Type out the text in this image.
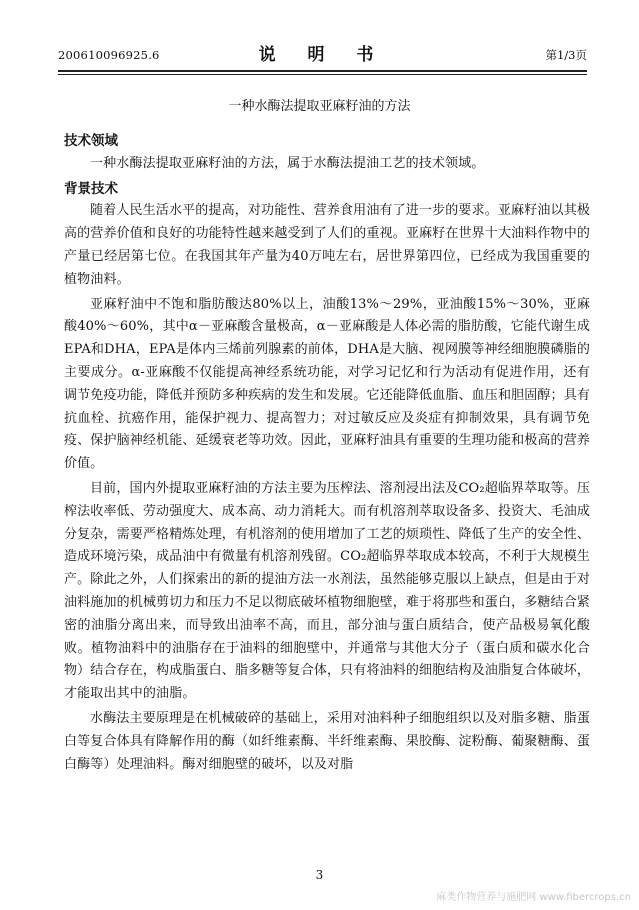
200610096925.6	说 明 书	第1/3页
一种水酶法提取亚麻籽油的方法
技术领域

一种水酶法提取亚麻籽油的方法，属于水酶法提油工艺的技术领域。

背景技术

随着人民生活水平的提高，对功能性、营养食用油有了进一步的要求。亚麻籽油以其极高的营养价值和良好的功能特性越来越受到了人们的重视。亚麻籽在世界十大油料作物中的产量已经居第七位。在我国其年产量为40万吨左右，居世界第四位，已经成为我国重要的植物油料。

亚麻籽油中不饱和脂肪酸达80%以上，油酸13%～29%，亚油酸15%～30%，亚麻酸40%～60%，其中α－亚麻酸含量极高，α－亚麻酸是人体必需的脂肪酸，它能代谢生成EPA和DHA，EPA是体内三烯前列腺素的前体，DHA是大脑、视网膜等神经细胞膜磷脂的主要成分。α-亚麻酸不仅能提高神经系统功能，对学习记忆和行为活动有促进作用，还有调节免疫功能，降低并预防多种疾病的发生和发展。它还能降低血脂、血压和胆固醇；具有抗血栓、抗癌作用，能保护视力、提高智力；对过敏反应及炎症有抑制效果，具有调节免疫、保护脑神经机能、延缓衰老等功效。因此，亚麻籽油具有重要的生理功能和极高的营养价值。

目前，国内外提取亚麻籽油的方法主要为压榨法、溶剂浸出法及CO₂超临界萃取等。压榨法收率低、劳动强度大、成本高、动力消耗大。而有机溶剂萃取设备多、投资大、毛油成分复杂，需要严格精炼处理，有机溶剂的使用增加了工艺的烦琐性、降低了生产的安全性、造成环境污染，成品油中有微量有机溶剂残留。CO₂超临界萃取成本较高，不利于大规模生产。除此之外，人们探索出的新的提油方法一水剂法，虽然能够克服以上缺点，但是由于对油料施加的机械剪切力和压力不足以彻底破坏植物细胞壁，难于将那些和蛋白，多糖结合紧密的油脂分离出来，而导致出油率不高，而且，部分油与蛋白质结合，使产品极易氧化酸败。植物油料中的油脂存在于油料的细胞壁中，并通常与其他大分子（蛋白质和碳水化合物）结合存在，构成脂蛋白、脂多糖等复合体，只有将油料的细胞结构及油脂复合体破坏，才能取出其中的油脂。

水酶法主要原理是在机械破碎的基础上，采用对油料种子细胞组织以及对脂多糖、脂蛋白等复合体具有降解作用的酶（如纤维素酶、半纤维素酶、果胶酶、淀粉酶、葡聚糖酶、蛋白酶等）处理油料。酶对细胞壁的破坏，以及对脂

3
麻类作物营养与施肥网 www.fibercrops.cn
